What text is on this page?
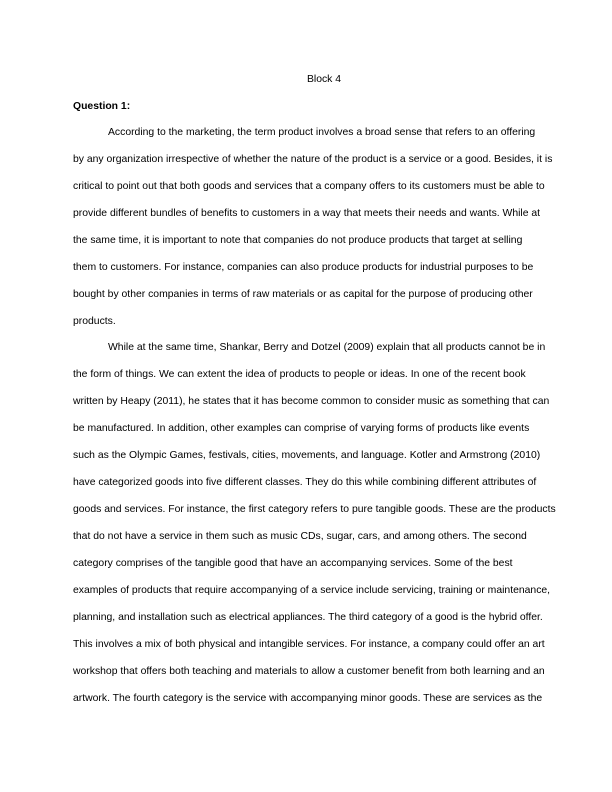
Block 4
Question 1:
According to the marketing, the term product involves a broad sense that refers to an offering
by any organization irrespective of whether the nature of the product is a service or a good. Besides, it is
critical to point out that both goods and services that a company offers to its customers must be able to
provide different bundles of benefits to customers in a way that meets their needs and wants. While at
the same time, it is important to note that companies do not produce products that target at selling
them to customers. For instance, companies can also produce products for industrial purposes to be
bought by other companies in terms of raw materials or as capital for the purpose of producing other
products.
While at the same time, Shankar, Berry and Dotzel (2009) explain that all products cannot be in
the form of things. We can extent the idea of products to people or ideas. In one of the recent book
written by Heapy (2011), he states that it has become common to consider music as something that can
be manufactured. In addition, other examples can comprise of varying forms of products like events
such as the Olympic Games, festivals, cities, movements, and language. Kotler and Armstrong (2010)
have categorized goods into five different classes. They do this while combining different attributes of
goods and services. For instance, the first category refers to pure tangible goods. These are the products
that do not have a service in them such as music CDs, sugar, cars, and among others. The second
category comprises of the tangible good that have an accompanying services. Some of the best
examples of products that require accompanying of a service include servicing, training or maintenance,
planning, and installation such as electrical appliances. The third category of a good is the hybrid offer.
This involves a mix of both physical and intangible services. For instance, a company could offer an art
workshop that offers both teaching and materials to allow a customer benefit from both learning and an
artwork. The fourth category is the service with accompanying minor goods. These are services as the
